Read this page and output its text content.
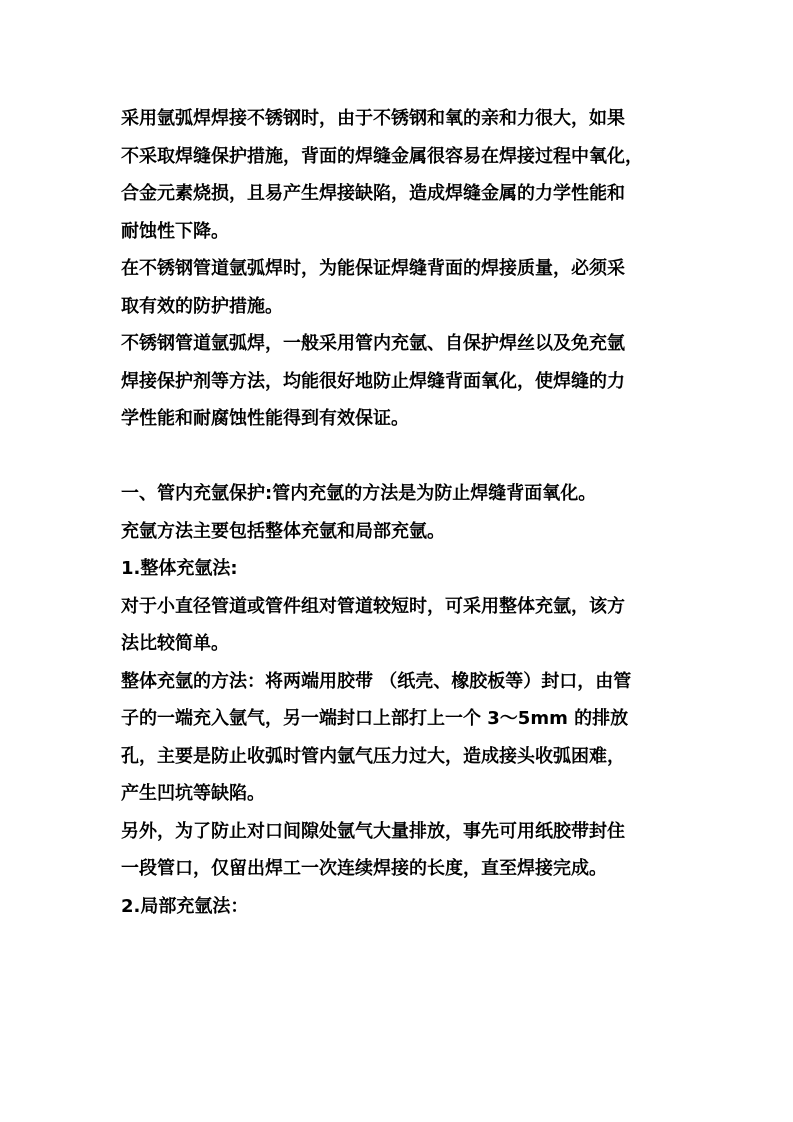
采用氩弧焊焊接不锈钢时，由于不锈钢和氧的亲和力很大，如果
不采取焊缝保护措施，背面的焊缝金属很容易在焊接过程中氧化，
合金元素烧损，且易产生焊接缺陷，造成焊缝金属的力学性能和
耐蚀性下降。
在不锈钢管道氩弧焊时，为能保证焊缝背面的焊接质量，必须采
取有效的防护措施。
不锈钢管道氩弧焊，一般采用管内充氩、自保护焊丝以及免充氩
焊接保护剂等方法，均能很好地防止焊缝背面氧化，使焊缝的力
学性能和耐腐蚀性能得到有效保证。
一、管内充氩保护:管内充氩的方法是为防止焊缝背面氧化。
充氩方法主要包括整体充氩和局部充氩。
1.整体充氩法:
对于小直径管道或管件组对管道较短时，可采用整体充氩，该方
法比较简单。
整体充氩的方法：将两端用胶带 （纸壳、橡胶板等）封口，由管
子的一端充入氩气，另一端封口上部打上一个 3～5mm 的排放
孔，主要是防止收弧时管内氩气压力过大，造成接头收弧困难，
产生凹坑等缺陷。
另外，为了防止对口间隙处氩气大量排放，事先可用纸胶带封住
一段管口，仅留出焊工一次连续焊接的长度，直至焊接完成。
2.局部充氩法：
